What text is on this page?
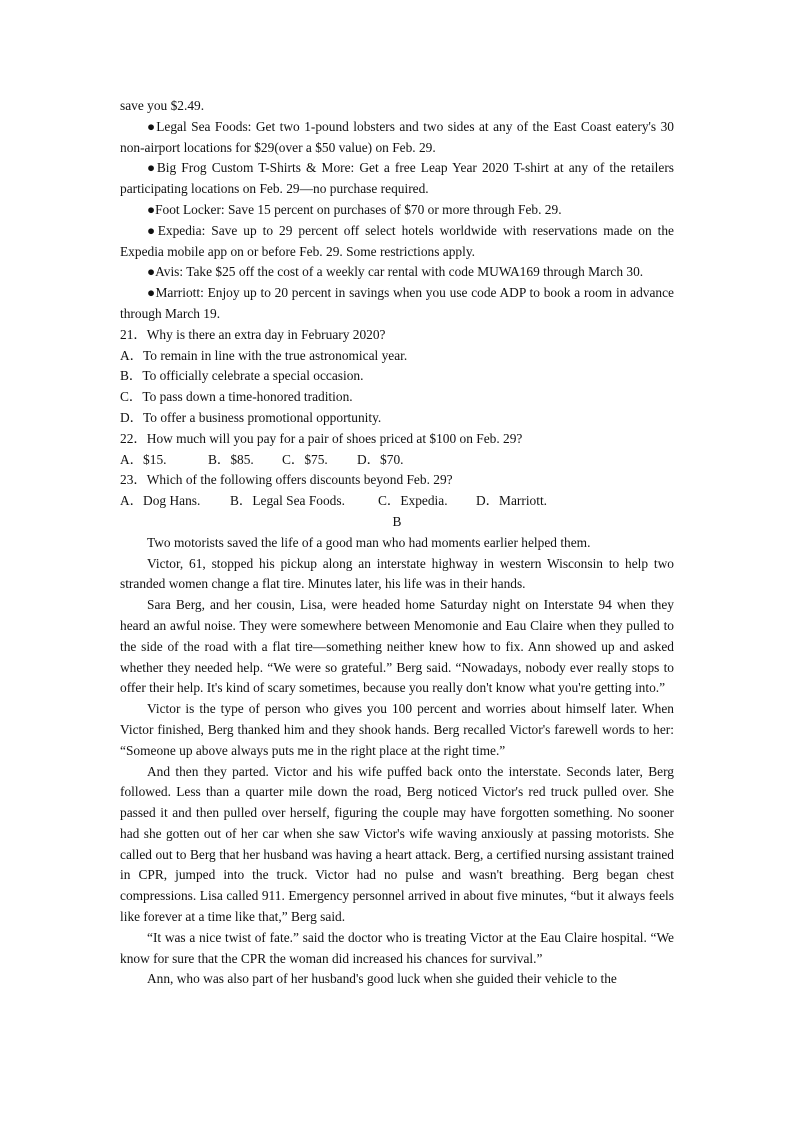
save you $2.49.

●Legal Sea Foods: Get two 1-pound lobsters and two sides at any of the East Coast eatery's 30 non-airport locations for $29(over a $50 value) on Feb. 29.

●Big Frog Custom T-Shirts & More: Get a free Leap Year 2020 T-shirt at any of the retailers participating locations on Feb. 29—no purchase required.

●Foot Locker: Save 15 percent on purchases of $70 or more through Feb. 29.

●Expedia: Save up to 29 percent off select hotels worldwide with reservations made on the Expedia mobile app on or before Feb. 29. Some restrictions apply.

●Avis: Take $25 off the cost of a weekly car rental with code MUWA169 through March 30.

●Marriott: Enjoy up to 20 percent in savings when you use code ADP to book a room in advance through March 19.

21．Why is there an extra day in February 2020?

A．To remain in line with the true astronomical year.

B．To officially celebrate a special occasion.

C．To pass down a time-honored tradition.

D．To offer a business promotional opportunity.

22．How much will you pay for a pair of shoes priced at $100 on Feb. 29?

A．$15.	B．$85.	C．$75.	D．$70.

23．Which of the following offers discounts beyond Feb. 29?

A．Dog Hans.	B．Legal Sea Foods.	C．Expedia.	D．Marriott.

B

Two motorists saved the life of a good man who had moments earlier helped them.

Victor, 61, stopped his pickup along an interstate highway in western Wisconsin to help two stranded women change a flat tire. Minutes later, his life was in their hands.

Sara Berg, and her cousin, Lisa, were headed home Saturday night on Interstate 94 when they heard an awful noise. They were somewhere between Menomonie and Eau Claire when they pulled to the side of the road with a flat tire—something neither knew how to fix. Ann showed up and asked whether they needed help. “We were so grateful.” Berg said. “Nowadays, nobody ever really stops to offer their help. It's kind of scary sometimes, because you really don't know what you're getting into.”

Victor is the type of person who gives you 100 percent and worries about himself later. When Victor finished, Berg thanked him and they shook hands. Berg recalled Victor's farewell words to her: “Someone up above always puts me in the right place at the right time.”

And then they parted. Victor and his wife puffed back onto the interstate. Seconds later, Berg followed. Less than a quarter mile down the road, Berg noticed Victor's red truck pulled over. She passed it and then pulled over herself, figuring the couple may have forgotten something. No sooner had she gotten out of her car when she saw Victor's wife waving anxiously at passing motorists. She called out to Berg that her husband was having a heart attack. Berg, a certified nursing assistant trained in CPR, jumped into the truck. Victor had no pulse and wasn't breathing. Berg began chest compressions. Lisa called 911. Emergency personnel arrived in about five minutes, “but it always feels like forever at a time like that,” Berg said.

“It was a nice twist of fate.” said the doctor who is treating Victor at the Eau Claire hospital. “We know for sure that the CPR the woman did increased his chances for survival.”

Ann, who was also part of her husband's good luck when she guided their vehicle to the
